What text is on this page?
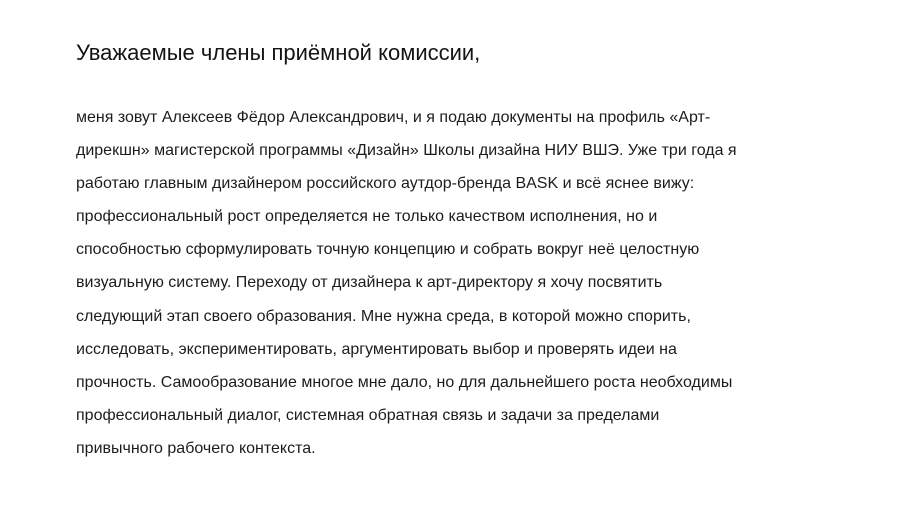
Уважаемые члены приёмной комиссии,
меня зовут Алексеев Фёдор Александрович, и я подаю документы на профиль «Арт-
дирекшн» магистерской программы «Дизайн» Школы дизайна НИУ ВШЭ. Уже три года я
работаю главным дизайнером российского аутдор-бренда BASK и всё яснее вижу:
профессиональный рост определяется не только качеством исполнения, но и
способностью сформулировать точную концепцию и собрать вокруг неё целостную
визуальную систему. Переходу от дизайнера к арт-директору я хочу посвятить
следующий этап своего образования. Мне нужна среда, в которой можно спорить,
исследовать, экспериментировать, аргументировать выбор и проверять идеи на
прочность. Самообразование многое мне дало, но для дальнейшего роста необходимы
профессиональный диалог, системная обратная связь и задачи за пределами
привычного рабочего контекста.
